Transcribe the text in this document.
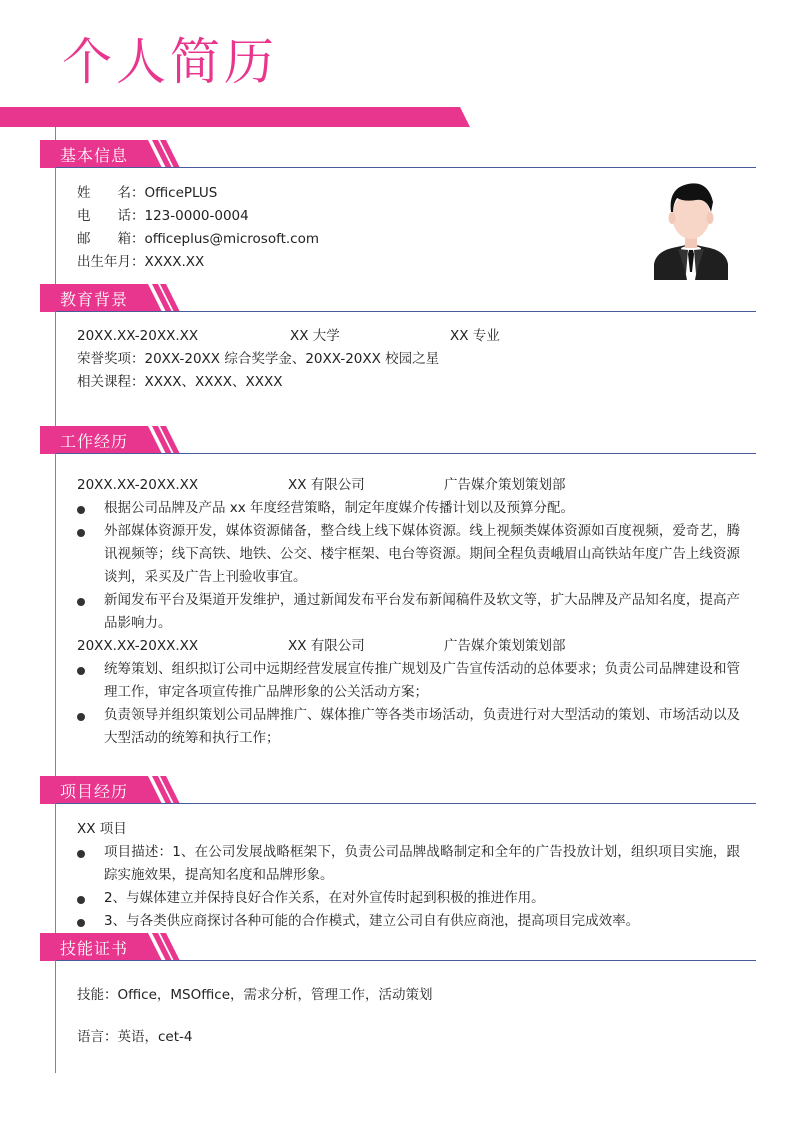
个人简历
基本信息
姓　　名：OfficePLUS
电　　话：123-0000-0004
邮　　箱：officeplus@microsoft.com
出生年月：XXXX.XX
教育背景
20XX.XX-20XX.XX	XX 大学	XX 专业
荣誉奖项：20XX-20XX 综合奖学金、20XX-20XX 校园之星
相关课程：XXXX、XXXX、XXXX
工作经历
20XX.XX-20XX.XX	XX 有限公司	广告媒介策划策划部
根据公司品牌及产品 xx 年度经营策略，制定年度媒介传播计划以及预算分配。
外部媒体资源开发，媒体资源储备，整合线上线下媒体资源。线上视频类媒体资源如百度视频，爱奇艺，腾讯视频等；线下高铁、地铁、公交、楼宇框架、电台等资源。期间全程负责峨眉山高铁站年度广告上线资源谈判，采买及广告上刊验收事宜。
新闻发布平台及渠道开发维护，通过新闻发布平台发布新闻稿件及软文等，扩大品牌及产品知名度，提高产品影响力。
20XX.XX-20XX.XX	XX 有限公司	广告媒介策划策划部
统筹策划、组织拟订公司中远期经营发展宣传推广规划及广告宣传活动的总体要求；负责公司品牌建设和管理工作，审定各项宣传推广品牌形象的公关活动方案；
负责领导并组织策划公司品牌推广、媒体推广等各类市场活动，负责进行对大型活动的策划、市场活动以及大型活动的统筹和执行工作；
项目经历
XX 项目
项目描述：1、在公司发展战略框架下，负责公司品牌战略制定和全年的广告投放计划，组织项目实施，跟踪实施效果，提高知名度和品牌形象。
2、与媒体建立并保持良好合作关系，在对外宣传时起到积极的推进作用。
3、与各类供应商探讨各种可能的合作模式，建立公司自有供应商池，提高项目完成效率。
技能证书
技能：Office，MSOffice，需求分析，管理工作，活动策划
语言：英语，cet-4
